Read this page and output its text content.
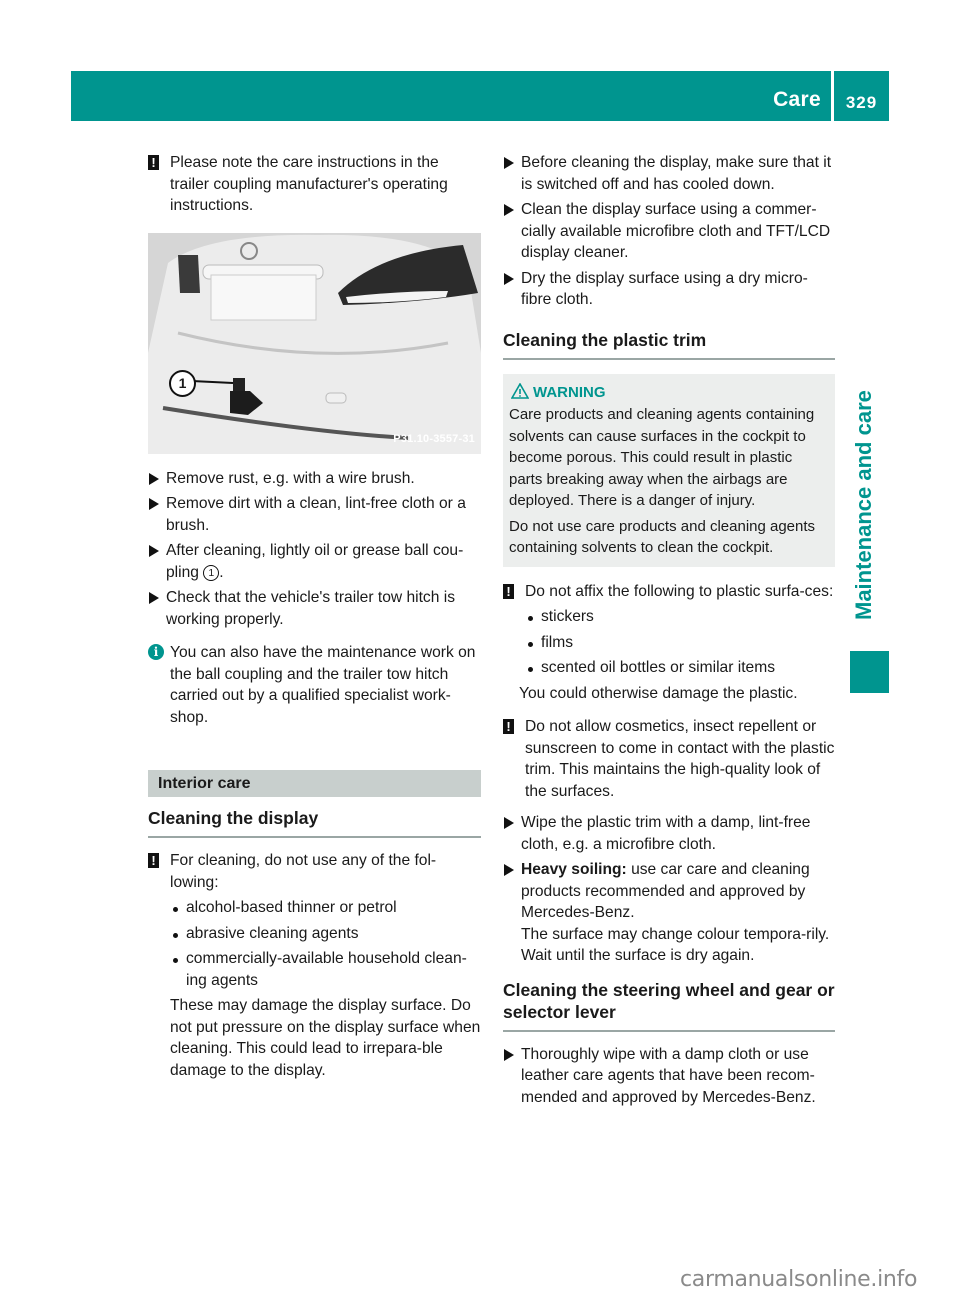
Care	329
Maintenance and care
! Please note the care instructions in the trailer coupling manufacturer's operating instructions.

1
P31.10-3557-31

Remove rust, e.g. with a wire brush.

Remove dirt with a clean, lint-free cloth or a brush.

After cleaning, lightly oil or grease ball cou-pling 1 .

Check that the vehicle's trailer tow hitch is working properly.

i You can also have the maintenance work on the ball coupling and the trailer tow hitch carried out by a qualified specialist work-shop.

Interior care
Cleaning the display
! For cleaning, do not use any of the fol-lowing:

alcohol-based thinner or petrol
abrasive cleaning agents
commercially-available household clean-ing agents

These may damage the display surface. Do not put pressure on the display surface when cleaning. This could lead to irrepara-ble damage to the display.

Before cleaning the display, make sure that it is switched off and has cooled down.

Clean the display surface using a commer-cially available microfibre cloth and TFT/LCD display cleaner.

Dry the display surface using a dry micro-fibre cloth.

Cleaning the plastic trim
WARNING

Care products and cleaning agents containing solvents can cause surfaces in the cockpit to become porous. This could result in plastic parts breaking away when the airbags are deployed. There is a danger of injury.

Do not use care products and cleaning agents containing solvents to clean the cockpit.

! Do not affix the following to plastic surfa-ces:

stickers
films
scented oil bottles or similar items

You could otherwise damage the plastic.

! Do not allow cosmetics, insect repellent or sunscreen to come in contact with the plastic trim. This maintains the high-quality look of the surfaces.

Wipe the plastic trim with a damp, lint-free cloth, e.g. a microfibre cloth.

Heavy soiling: use car care and cleaning products recommended and approved by Mercedes-Benz.

The surface may change colour tempora-rily. Wait until the surface is dry again.

Cleaning the steering wheel and gear or selector lever

Thoroughly wipe with a damp cloth or use leather care agents that have been recom-mended and approved by Mercedes-Benz.

carmanualsonline.info
